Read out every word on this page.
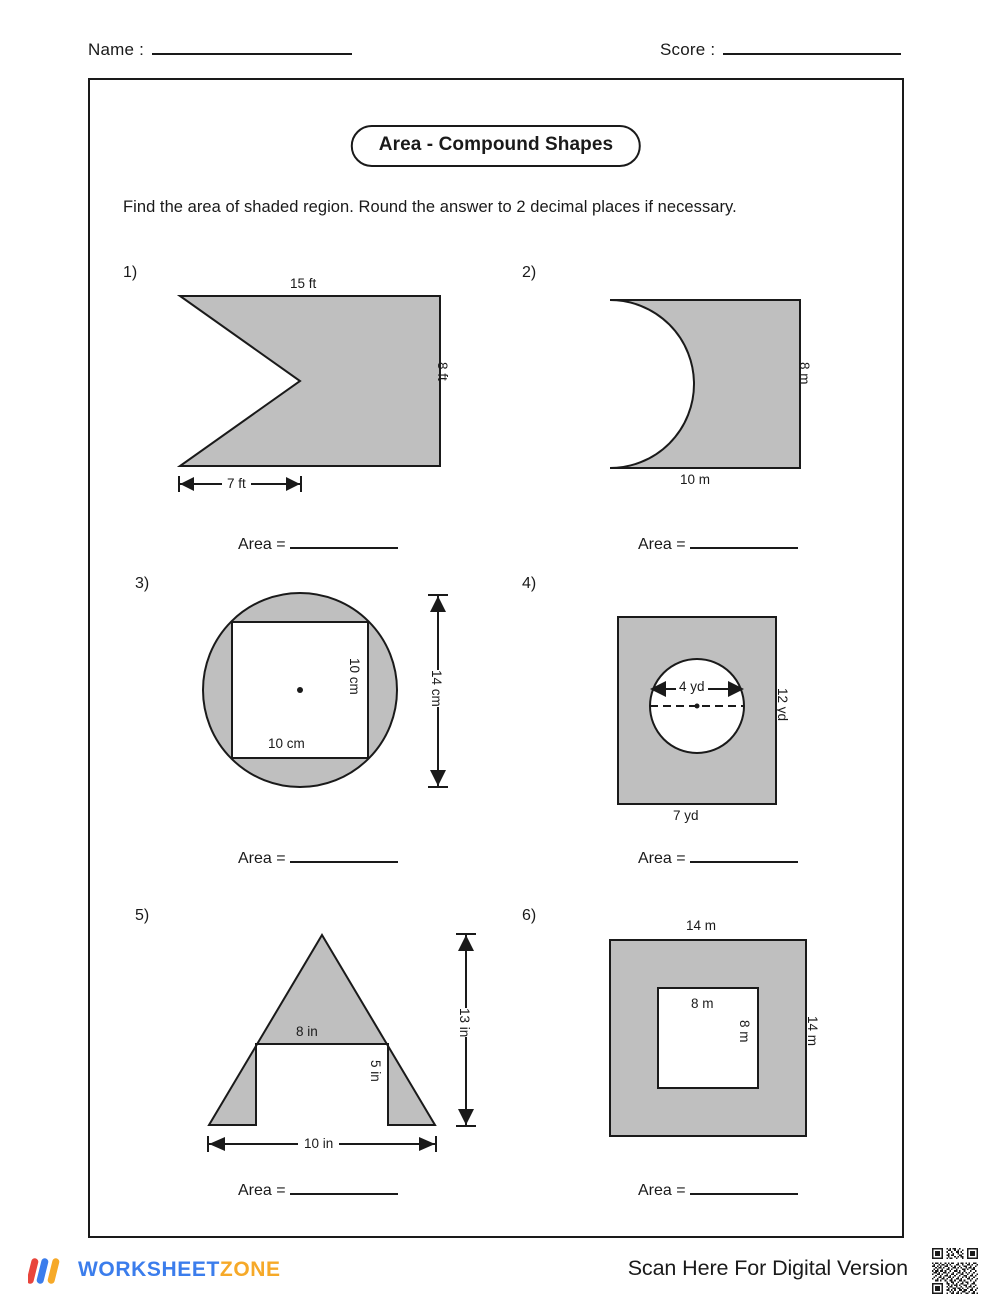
Name :	Score :
Area - Compound Shapes
Find the area of shaded region. Round the answer to 2 decimal places if necessary.
1)
15 ft
8 ft
7 ft
Area =
2)
10 m
8 m
Area =
3)
10 cm
10 cm	14 cm
Area =
4)
4 yd
7 yd
12 yd
Area =
5)
8 in
5 in
10 in
13 in
Area =
6)
14 m
14 m
8 m
8 m
Area =
WORKSHEETZONE	Scan Here For Digital Version
